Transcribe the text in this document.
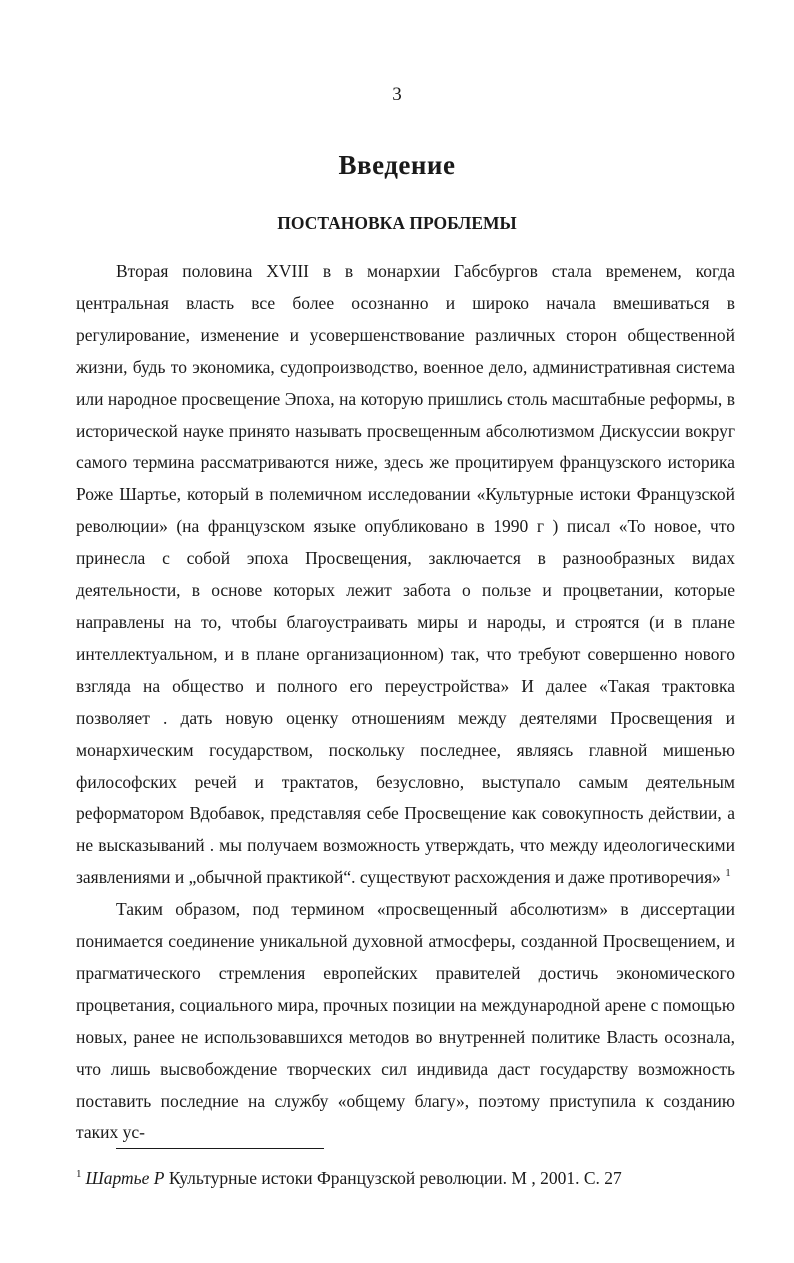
3
Введение
ПОСТАНОВКА ПРОБЛЕМЫ

Вторая половина XVIII в в монархии Габсбургов стала временем, когда центральная власть все более осознанно и широко начала вмешиваться в регулирование, изменение и усовершенствование различных сторон общественной жизни, будь то экономика, судопроизводство, военное дело, административная система или народное просвещение Эпоха, на которую пришлись столь масштабные реформы, в исторической науке принято называть просвещенным абсолютизмом Дискуссии вокруг самого термина рассматриваются ниже, здесь же процитируем французского историка Роже Шартье, который в полемичном исследовании «Культурные истоки Французской революции» (на французском языке опубликовано в 1990 г ) писал «То новое, что принесла с собой эпоха Просвещения, заключается в разнообразных видах деятельности, в основе которых лежит забота о пользе и процветании, которые направлены на то, чтобы благоустраивать миры и народы, и строятся (и в плане интеллектуальном, и в плане организационном) так, что требуют совершенно нового взгляда на общество и полного его переустройства» И далее «Такая трактовка позволяет . дать новую оценку отношениям между деятелями Просвещения и монархическим государством, поскольку последнее, являясь главной мишенью философских речей и трактатов, безусловно, выступало самым деятельным реформатором Вдобавок, представляя себе Просвещение как совокупность действии, а не высказываний . мы получаем возможность утверждать, что между идеологическими заявлениями и „обычной практикой“. существуют расхождения и даже противоречия» $^1$

Таким образом, под термином «просвещенный абсолютизм» в диссертации понимается соединение уникальной духовной атмосферы, созданной Просвещением, и прагматического стремления европейских правителей достичь экономического процветания, социального мира, прочных позиции на международной арене с помощью новых, ранее не использовавшихся методов во внутренней политике Власть осознала, что лишь высвобождение творческих сил индивида даст государству возможность поставить последние на службу «общему благу», поэтому приступила к созданию таких ус-

$^1$ Шартье Р Культурные истоки Французской революции. М , 2001. С. 27
